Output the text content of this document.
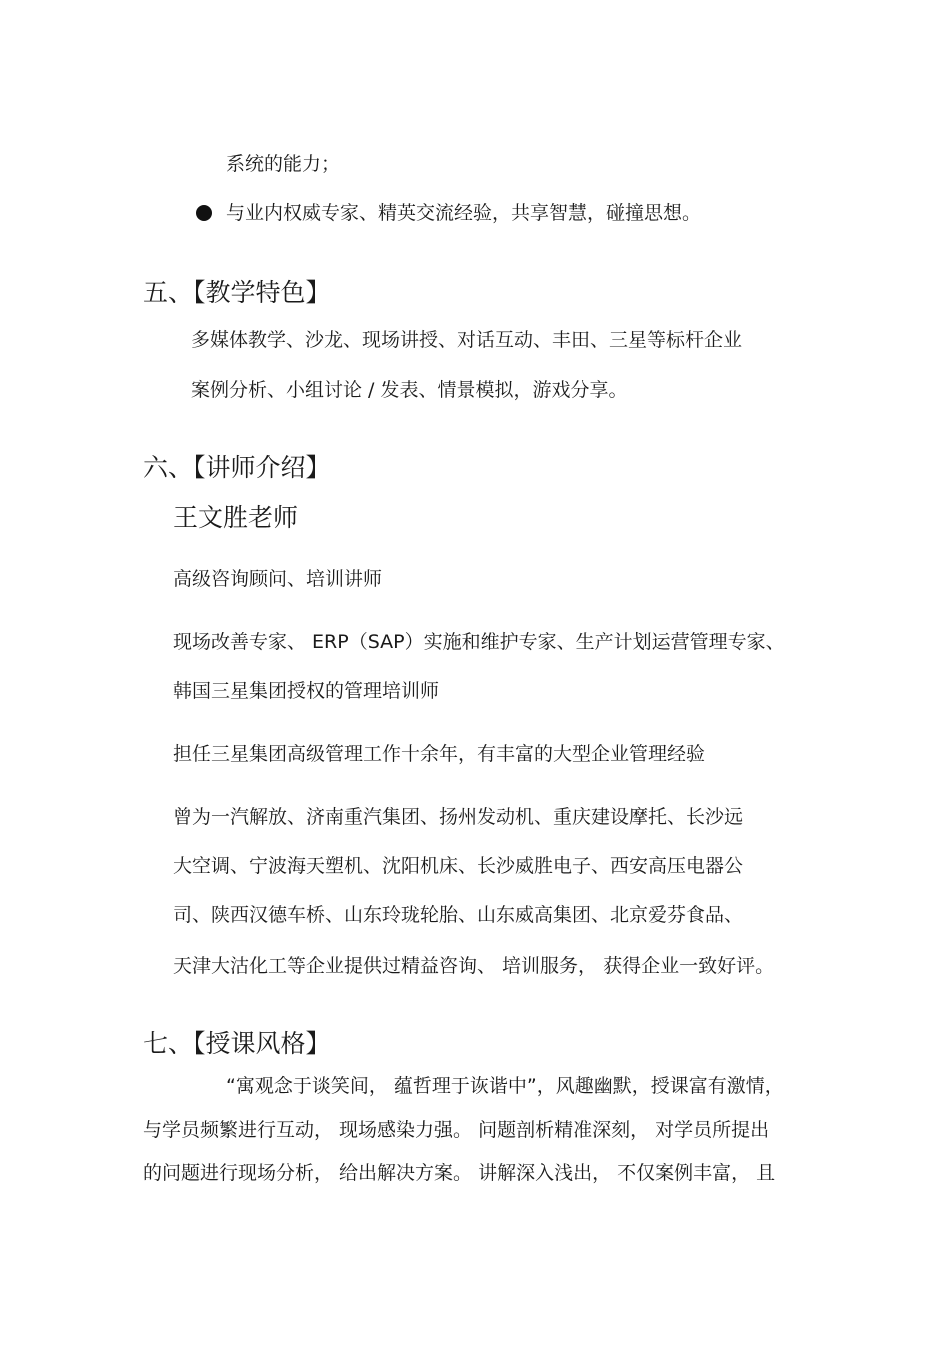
系统的能力；
与业内权威专家、精英交流经验，共享智慧，碰撞思想。
五、【教学特色】
多媒体教学、沙龙、现场讲授、对话互动、丰田、三星等标杆企业
案例分析、小组讨论 / 发表、情景模拟，游戏分享。
六、【讲师介绍】
王文胜老师
高级咨询顾问、培训讲师
现场改善专家、 ERP（SAP）实施和维护专家、生产计划运营管理专家、
韩国三星集团授权的管理培训师
担任三星集团高级管理工作十余年，有丰富的大型企业管理经验
曾为一汽解放、济南重汽集团、扬州发动机、重庆建设摩托、长沙远
大空调、宁波海天塑机、沈阳机床、长沙威胜电子、西安高压电器公
司、陕西汉德车桥、山东玲珑轮胎、山东威高集团、北京爱芬食品、
天津大沽化工等企业提供过精益咨询、 培训服务， 获得企业一致好评。
七、【授课风格】
“寓观念于谈笑间， 蕴哲理于诙谐中”，风趣幽默，授课富有激情，
与学员频繁进行互动， 现场感染力强。 问题剖析精准深刻， 对学员所提出
的问题进行现场分析， 给出解决方案。 讲解深入浅出， 不仅案例丰富， 且
